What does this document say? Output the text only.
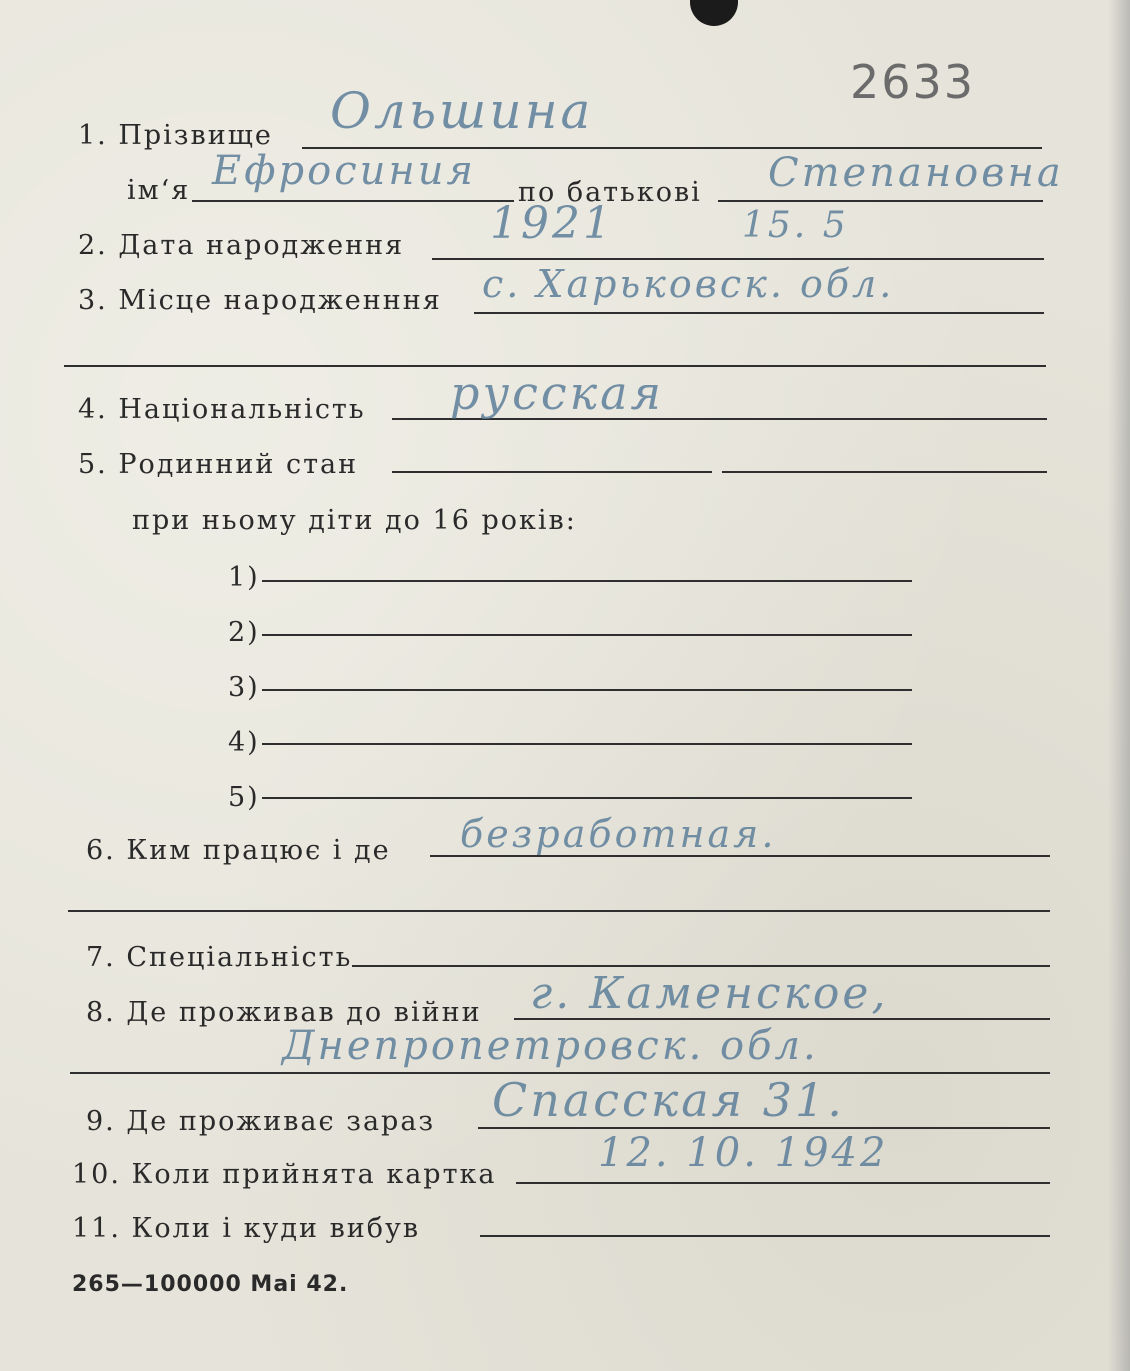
2633
1. Прізвище Ольшина
ім‘я Ефросиния по батькові Степановна
2. Дата народження 1921	15. 5
3. Місце народженння с. Харьковск. обл.
4. Національність русская
5. Родинний стан
при ньому діти до 16 років:
1)
2)
3)
4)
5)
6. Ким працює і де безработная.
7. Спеціальність
8. Де проживав до війни г. Каменское,
Днепропетровск. обл.
9. Де проживає зараз Спасская 31.
10. Коли прийнята картка	12. 10. 1942
11. Коли і куди вибув
265—100000 Маі 42.
